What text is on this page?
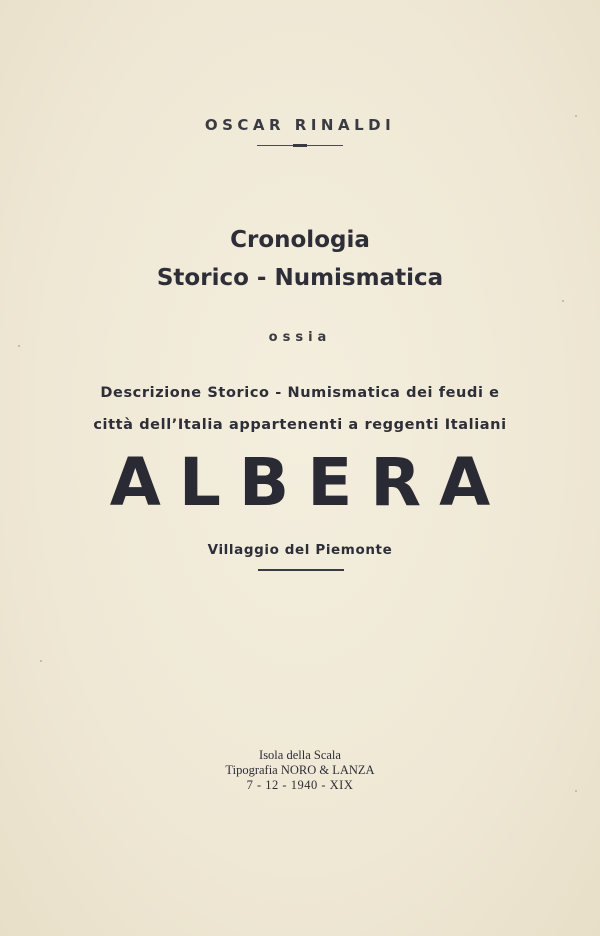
OSCAR RINALDI
Cronologia
Storico - Numismatica
ossia
Descrizione Storico - Numismatica dei feudi e
città dell’Italia appartenenti a reggenti Italiani
ALBERA
Villaggio del Piemonte
Isola della Scala
Tipografia NORO & LANZA
7 - 12 - 1940 - XIX
